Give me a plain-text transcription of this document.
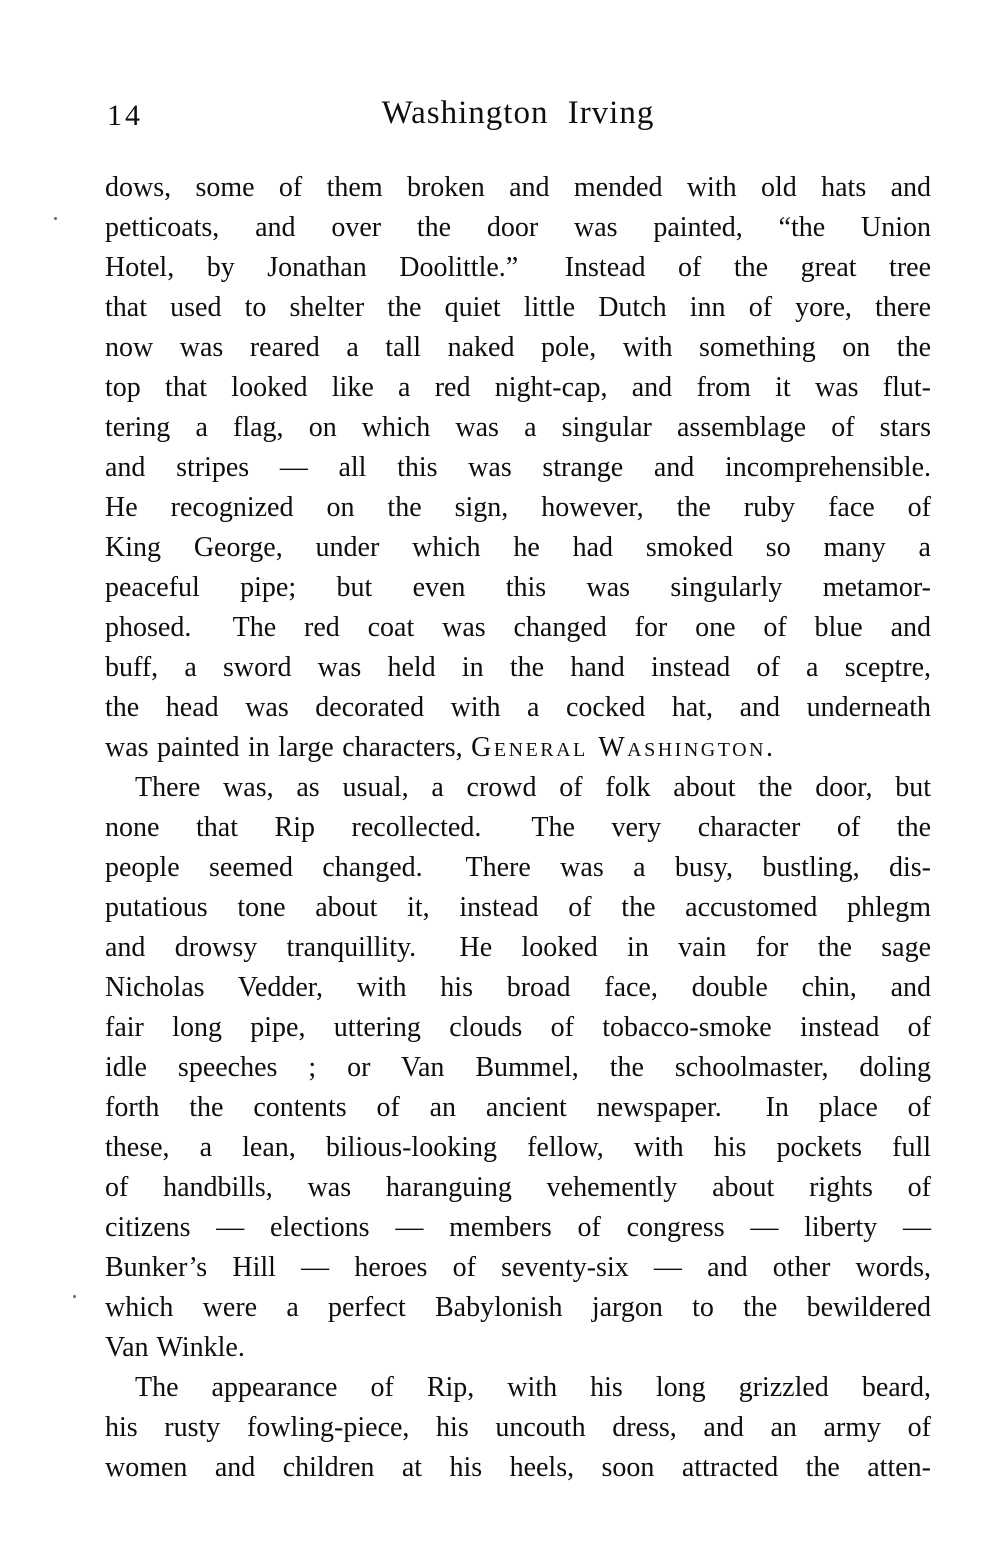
14	Washington Irving
dows, some of them broken and mended with old hats and
petticoats, and over the door was painted, “the Union
Hotel, by Jonathan Doolittle.”  Instead of the great tree
that used to shelter the quiet little Dutch inn of yore, there
now was reared a tall naked pole, with something on the
top that looked like a red night-cap, and from it was flut-
tering a flag, on which was a singular assemblage of stars
and stripes — all this was strange and incomprehensible.
He recognized on the sign, however, the ruby face of
King George, under which he had smoked so many a
peaceful pipe; but even this was singularly metamor-
phosed.  The red coat was changed for one of blue and
buff, a sword was held in the hand instead of a sceptre,
the head was decorated with a cocked hat, and underneath
was painted in large characters, General Washington.
There was, as usual, a crowd of folk about the door, but
none that Rip recollected.  The very character of the
people seemed changed.  There was a busy, bustling, dis-
putatious tone about it, instead of the accustomed phlegm
and drowsy tranquillity.  He looked in vain for the sage
Nicholas Vedder, with his broad face, double chin, and
fair long pipe, uttering clouds of tobacco-smoke instead of
idle speeches ; or Van Bummel, the schoolmaster, doling
forth the contents of an ancient newspaper.  In place of
these, a lean, bilious-looking fellow, with his pockets full
of handbills, was haranguing vehemently about rights of
citizens — elections — members of congress — liberty —
Bunker’s Hill — heroes of seventy-six — and other words,
which were a perfect Babylonish jargon to the bewildered
Van Winkle.
The appearance of Rip, with his long grizzled beard,
his rusty fowling-piece, his uncouth dress, and an army of
women and children at his heels, soon attracted the atten-
